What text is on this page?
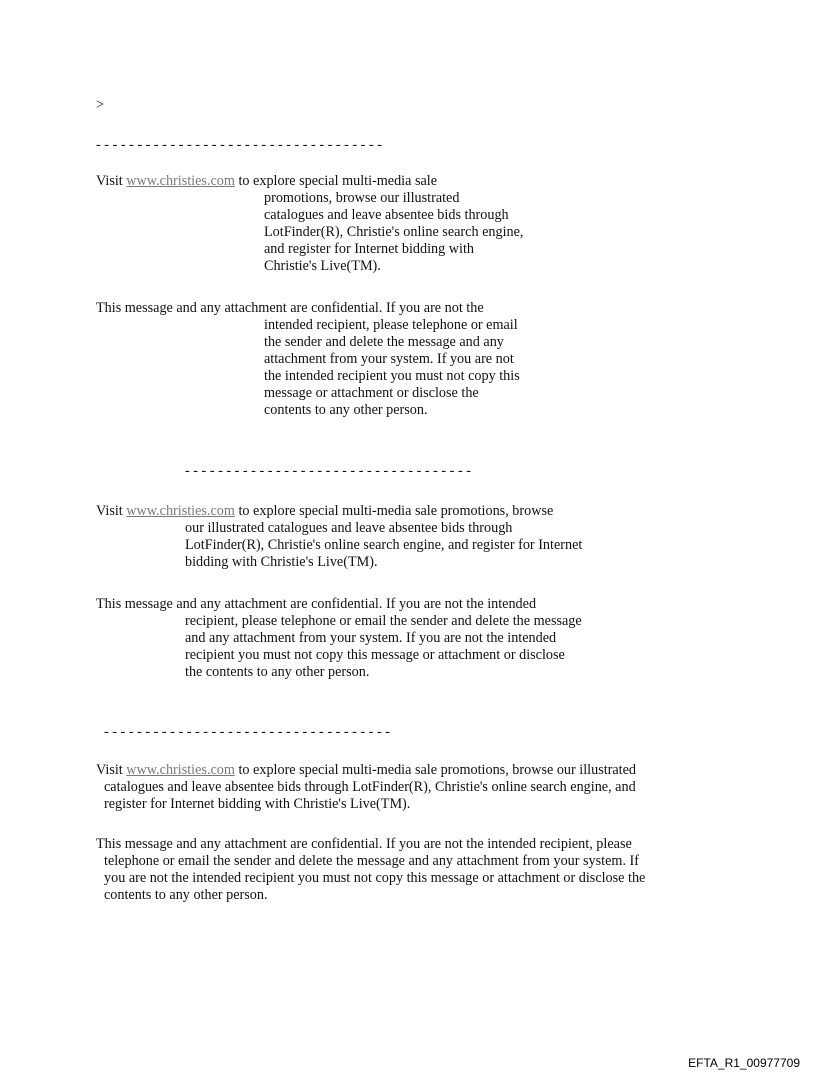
>
- - - - - - - - - - - - - - - - - - - - - - - - - - - - - - - - - - -
Visit www.christies.com to explore special multi-media sale
promotions, browse our illustrated
catalogues and leave absentee bids through
LotFinder(R), Christie's online search engine,
and register for Internet bidding with
Christie's Live(TM).
This message and any attachment are confidential. If you are not the
intended recipient, please telephone or email
the sender and delete the message and any
attachment from your system. If you are not
the intended recipient you must not copy this
message or attachment or disclose the
contents to any other person.
- - - - - - - - - - - - - - - - - - - - - - - - - - - - - - - - - - -
Visit www.christies.com to explore special multi-media sale promotions, browse
our illustrated catalogues and leave absentee bids through
LotFinder(R), Christie's online search engine, and register for Internet
bidding with Christie's Live(TM).
This message and any attachment are confidential. If you are not the intended
recipient, please telephone or email the sender and delete the message
and any attachment from your system. If you are not the intended
recipient you must not copy this message or attachment or disclose
the contents to any other person.
- - - - - - - - - - - - - - - - - - - - - - - - - - - - - - - - - - -
Visit www.christies.com to explore special multi-media sale promotions, browse our illustrated
catalogues and leave absentee bids through LotFinder(R), Christie's online search engine, and
register for Internet bidding with Christie's Live(TM).
This message and any attachment are confidential. If you are not the intended recipient, please
telephone or email the sender and delete the message and any attachment from your system. If
you are not the intended recipient you must not copy this message or attachment or disclose the
contents to any other person.
EFTA_R1_00977709
